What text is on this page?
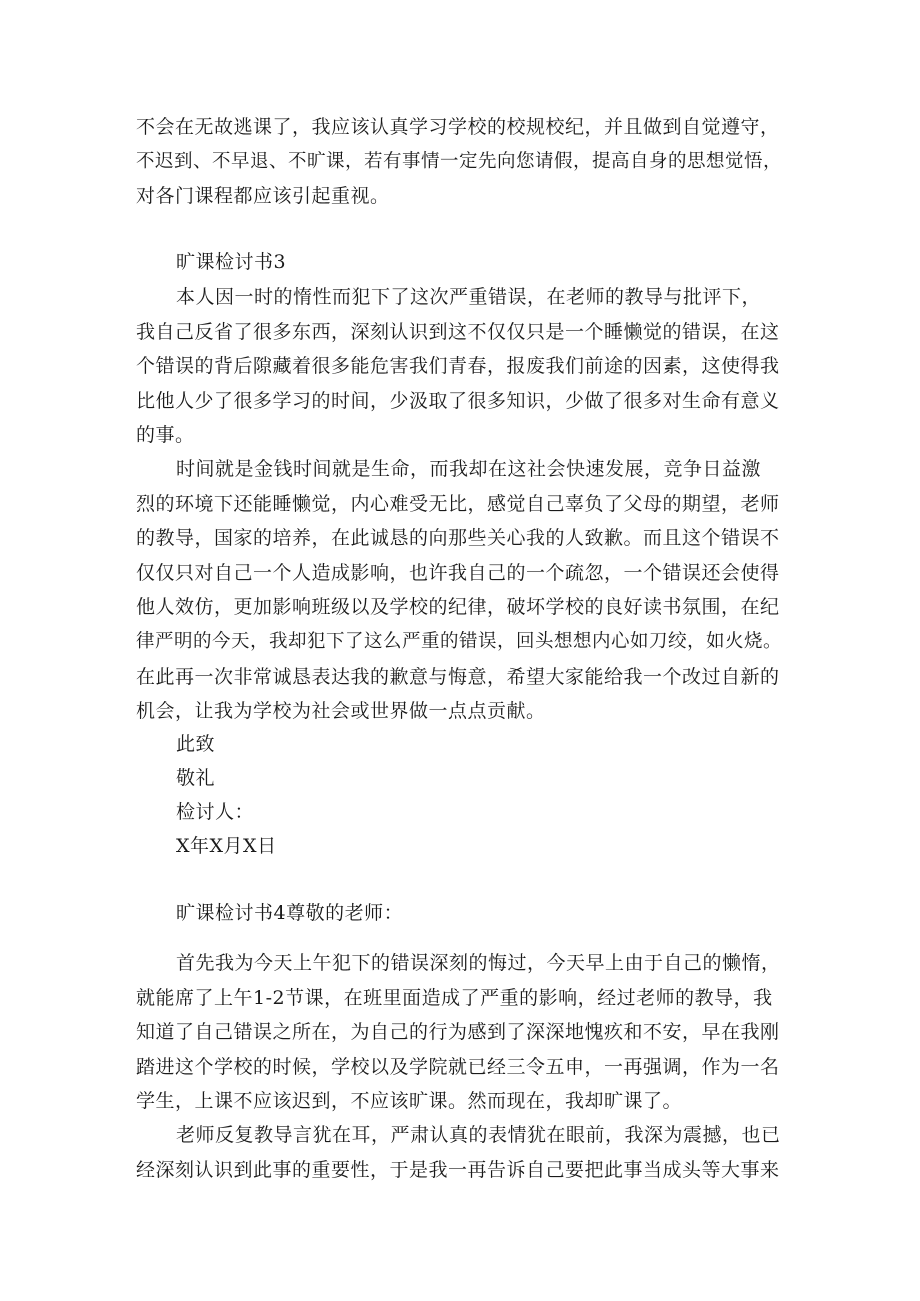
不会在无故逃课了，我应该认真学习学校的校规校纪，并且做到自觉遵守，
不迟到、不早退、不旷课，若有事情一定先向您请假，提高自身的思想觉悟，
对各门课程都应该引起重视。
旷课检讨书3
本人因一时的惰性而犯下了这次严重错误，在老师的教导与批评下，
我自己反省了很多东西，深刻认识到这不仅仅只是一个睡懒觉的错误，在这
个错误的背后隙藏着很多能危害我们青春，报废我们前途的因素，这使得我
比他人少了很多学习的时间，少汲取了很多知识，少做了很多对生命有意义
的事。
时间就是金钱时间就是生命，而我却在这社会快速发展，竞争日益激
烈的环境下还能睡懒觉，内心难受无比，感觉自己辜负了父母的期望，老师
的教导，国家的培养，在此诚恳的向那些关心我的人致歉。而且这个错误不
仅仅只对自己一个人造成影响，也许我自己的一个疏忽，一个错误还会使得
他人效仿，更加影响班级以及学校的纪律，破坏学校的良好读书氛围，在纪
律严明的今天，我却犯下了这么严重的错误，回头想想内心如刀绞，如火烧。
在此再一次非常诚恳表达我的歉意与悔意，希望大家能给我一个改过自新的
机会，让我为学校为社会或世界做一点点贡献。
此致
敬礼
检讨人：
X年X月X日
旷课检讨书4尊敬的老师：
首先我为今天上午犯下的错误深刻的悔过，今天早上由于自己的懒惰，
就能席了上午1-2节课，在班里面造成了严重的影响，经过老师的教导，我
知道了自己错误之所在，为自己的行为感到了深深地愧疚和不安，早在我刚
踏进这个学校的时候，学校以及学院就已经三令五申，一再强调，作为一名
学生，上课不应该迟到，不应该旷课。然而现在，我却旷课了。
老师反复教导言犹在耳，严肃认真的表情犹在眼前，我深为震撼，也已
经深刻认识到此事的重要性，于是我一再告诉自己要把此事当成头等大事来
